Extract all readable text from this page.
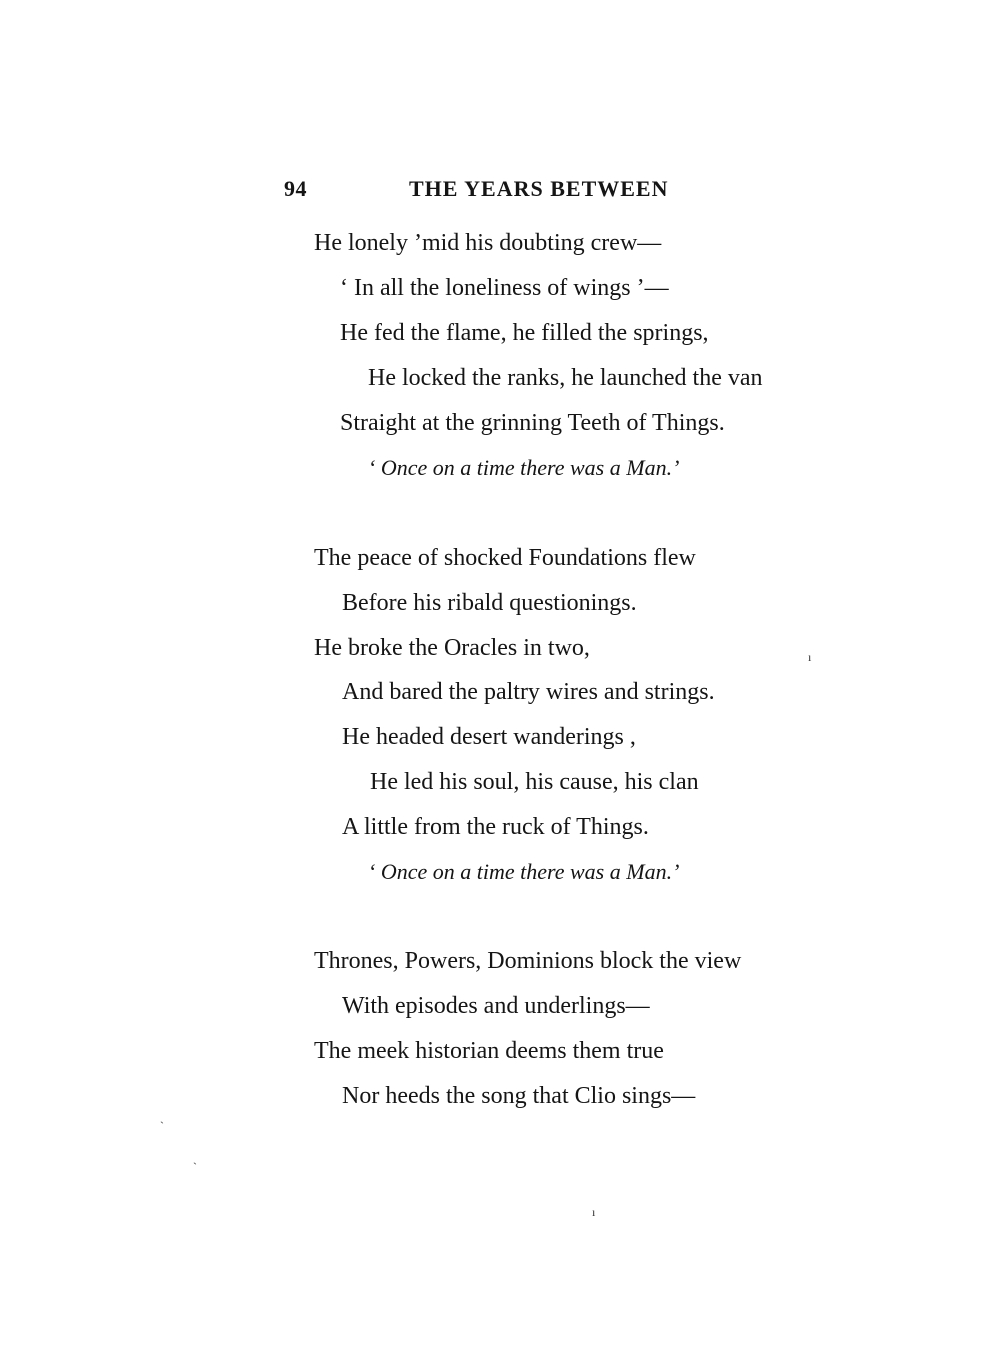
94	THE YEARS BETWEEN
He lonely ’mid his doubting crew—
‘ In all the loneliness of wings ’—
He fed the flame, he filled the springs,
He locked the ranks, he launched the van
Straight at the grinning Teeth of Things.
‘ Once on a time there was a Man.’
The peace of shocked Foundations flew
Before his ribald questionings.
He broke the Oracles in two,
And bared the paltry wires and strings.
He headed desert wanderings ,
He led his soul, his cause, his clan
A little from the ruck of Things.
‘ Once on a time there was a Man.’
Thrones, Powers, Dominions block the view
With episodes and underlings—
The meek historian deems them true
Nor heeds the song that Clio sings—
ı
ˎ
ˋ
ı
